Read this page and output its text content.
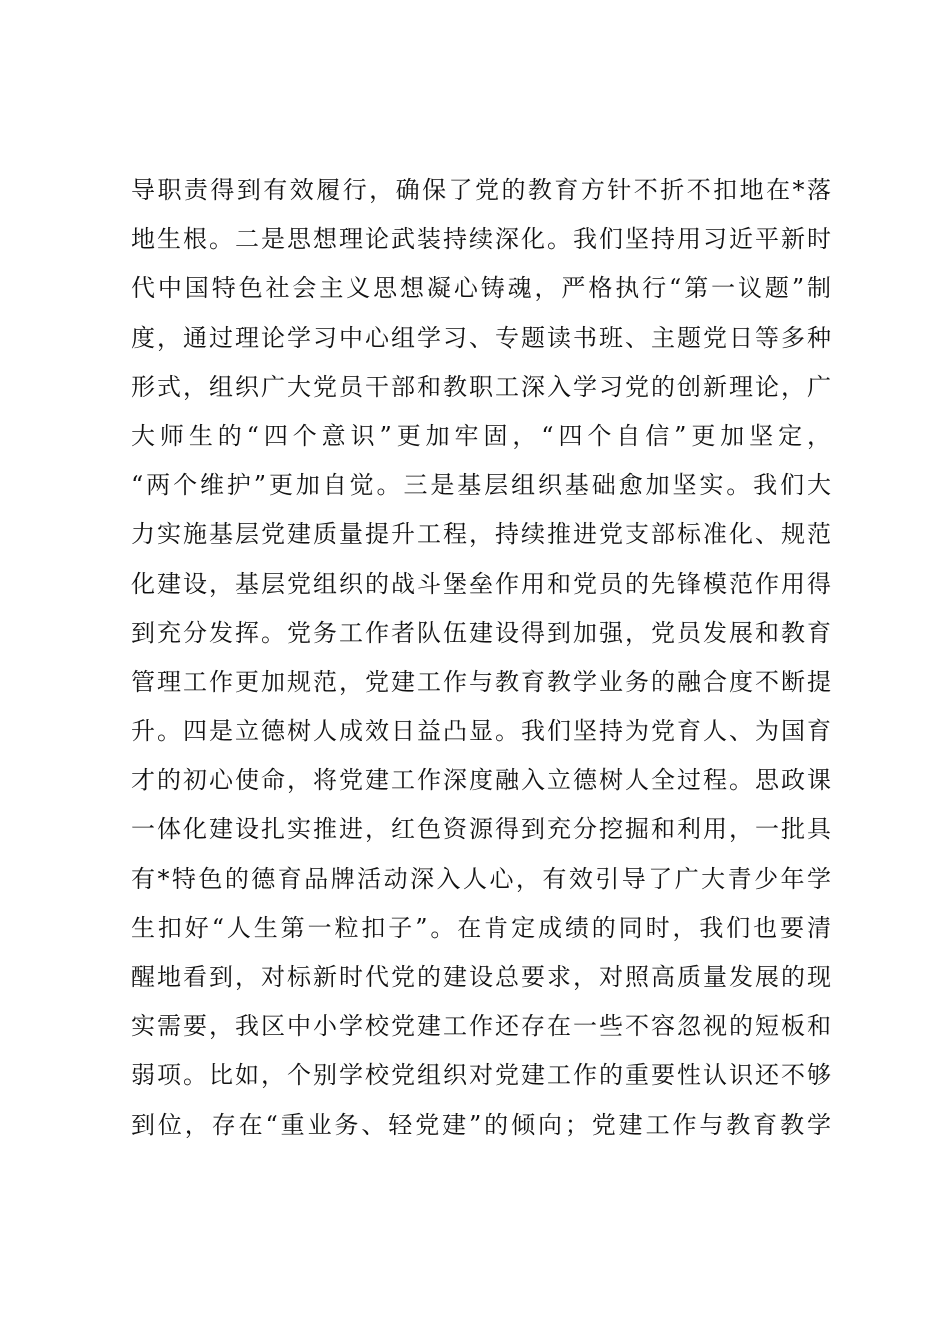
导职责得到有效履行，确保了党的教育方针不折不扣地在*落
地生根。二是思想理论武装持续深化。我们坚持用习近平新时
代中国特色社会主义思想凝心铸魂，严格执行“第一议题”制
度，通过理论学习中心组学习、专题读书班、主题党日等多种
形式，组织广大党员干部和教职工深入学习党的创新理论，广
大师生的“四个意识”更加牢固，“四个自信”更加坚定，
“两个维护”更加自觉。三是基层组织基础愈加坚实。我们大
力实施基层党建质量提升工程，持续推进党支部标准化、规范
化建设，基层党组织的战斗堡垒作用和党员的先锋模范作用得
到充分发挥。党务工作者队伍建设得到加强，党员发展和教育
管理工作更加规范，党建工作与教育教学业务的融合度不断提
升。四是立德树人成效日益凸显。我们坚持为党育人、为国育
才的初心使命，将党建工作深度融入立德树人全过程。思政课
一体化建设扎实推进，红色资源得到充分挖掘和利用，一批具
有*特色的德育品牌活动深入人心，有效引导了广大青少年学
生扣好“人生第一粒扣子”。在肯定成绩的同时，我们也要清
醒地看到，对标新时代党的建设总要求，对照高质量发展的现
实需要，我区中小学校党建工作还存在一些不容忽视的短板和
弱项。比如，个别学校党组织对党建工作的重要性认识还不够
到位，存在“重业务、轻党建”的倾向；党建工作与教育教学
